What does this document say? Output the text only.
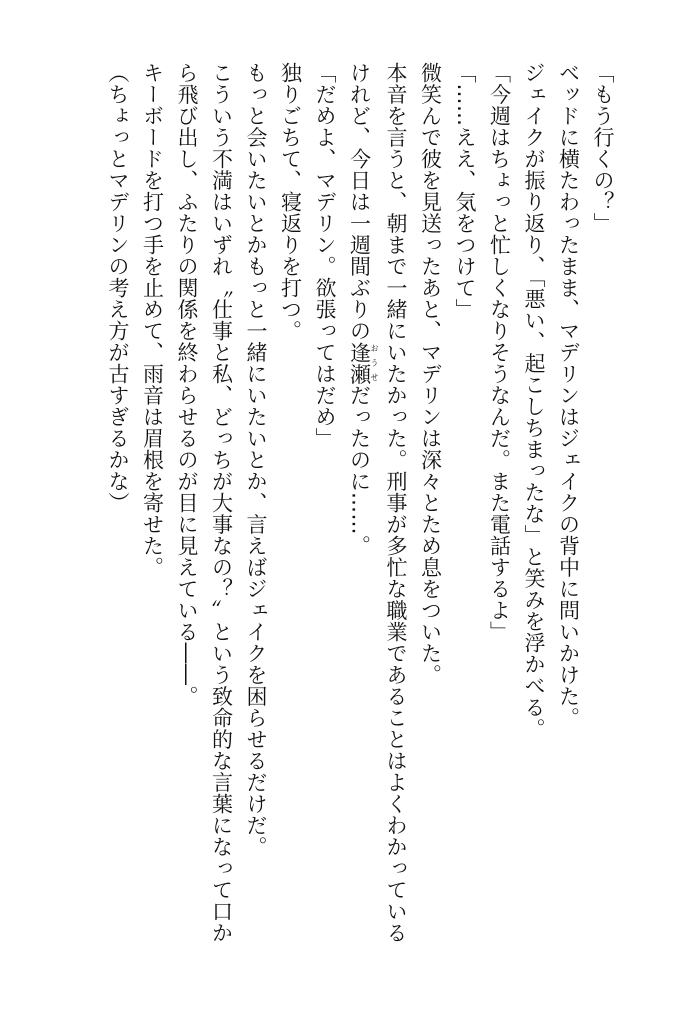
「もう行くの？」
ベッドに横たわったまま、マデリンはジェイクの背中に問いかけた。
ジェイクが振り返り、「悪い、起こしちまったな」と笑みを浮かべる。
「今週はちょっと忙しくなりそうなんだ。また電話するよ」
「……ええ、気をつけて」
微笑んで彼を見送ったあと、マデリンは深々とため息をついた。
本音を言うと、朝まで一緒にいたかった。刑事が多忙な職業であることはよくわかっている
けれど、今日は一週間ぶりの逢瀬おうせだったのに……。
「だめよ、マデリン。欲張ってはだめ」
独りごちて、寝返りを打つ。
もっと会いたいとかもっと一緒にいたいとか、言えばジェイクを困らせるだけだ。
こういう不満はいずれ〝仕事と私、どっちが大事なの？〟という致命的な言葉になって口か
ら飛び出し、ふたりの関係を終わらせるのが目に見えている――。
キーボードを打つ手を止めて、雨音は眉根を寄せた。
（ちょっとマデリンの考え方が古すぎるかな）
